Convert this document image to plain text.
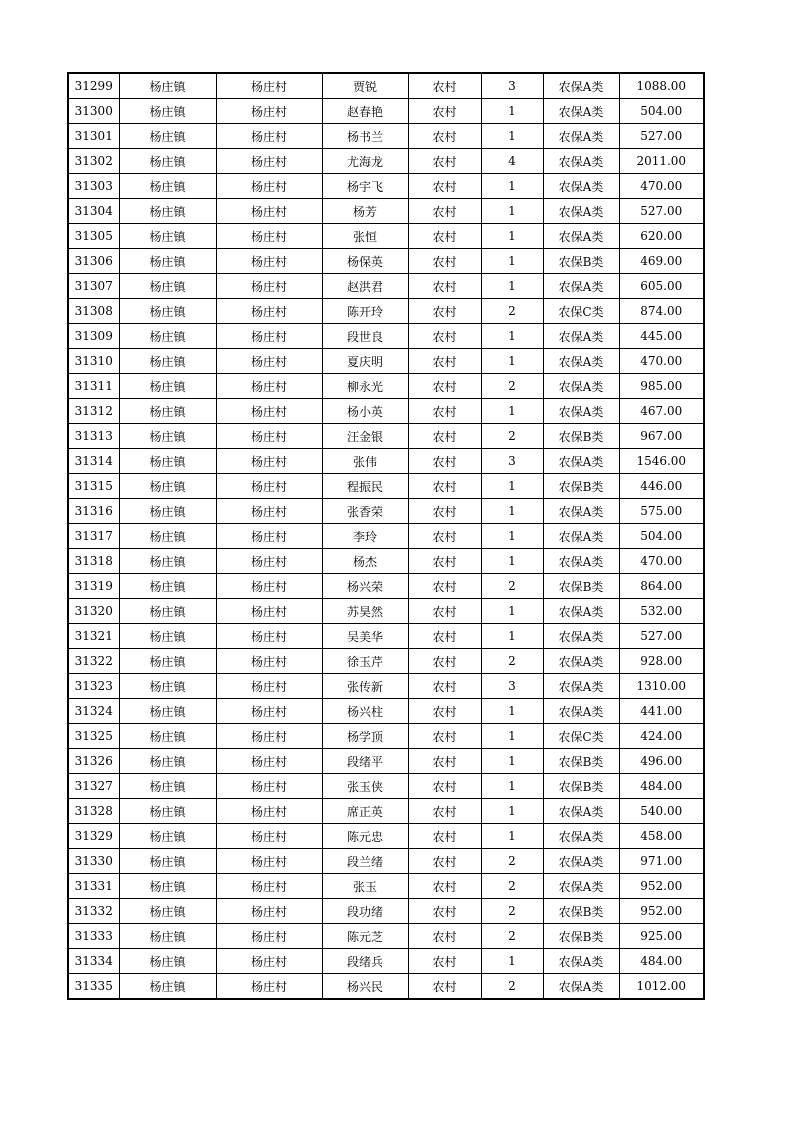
31299	杨庄镇	杨庄村	贾锐	农村	3	农保A类	1088.00
31300	杨庄镇	杨庄村	赵春艳	农村	1	农保A类	504.00
31301	杨庄镇	杨庄村	杨书兰	农村	1	农保A类	527.00
31302	杨庄镇	杨庄村	尤海龙	农村	4	农保A类	2011.00
31303	杨庄镇	杨庄村	杨宇飞	农村	1	农保A类	470.00
31304	杨庄镇	杨庄村	杨芳	农村	1	农保A类	527.00
31305	杨庄镇	杨庄村	张恒	农村	1	农保A类	620.00
31306	杨庄镇	杨庄村	杨保英	农村	1	农保B类	469.00
31307	杨庄镇	杨庄村	赵洪君	农村	1	农保A类	605.00
31308	杨庄镇	杨庄村	陈开玲	农村	2	农保C类	874.00
31309	杨庄镇	杨庄村	段世良	农村	1	农保A类	445.00
31310	杨庄镇	杨庄村	夏庆明	农村	1	农保A类	470.00
31311	杨庄镇	杨庄村	柳永光	农村	2	农保A类	985.00
31312	杨庄镇	杨庄村	杨小英	农村	1	农保A类	467.00
31313	杨庄镇	杨庄村	汪金银	农村	2	农保B类	967.00
31314	杨庄镇	杨庄村	张伟	农村	3	农保A类	1546.00
31315	杨庄镇	杨庄村	程振民	农村	1	农保B类	446.00
31316	杨庄镇	杨庄村	张香荣	农村	1	农保A类	575.00
31317	杨庄镇	杨庄村	李玲	农村	1	农保A类	504.00
31318	杨庄镇	杨庄村	杨杰	农村	1	农保A类	470.00
31319	杨庄镇	杨庄村	杨兴荣	农村	2	农保B类	864.00
31320	杨庄镇	杨庄村	苏昊然	农村	1	农保A类	532.00
31321	杨庄镇	杨庄村	吴美华	农村	1	农保A类	527.00
31322	杨庄镇	杨庄村	徐玉芹	农村	2	农保A类	928.00
31323	杨庄镇	杨庄村	张传新	农村	3	农保A类	1310.00
31324	杨庄镇	杨庄村	杨兴柱	农村	1	农保A类	441.00
31325	杨庄镇	杨庄村	杨学顶	农村	1	农保C类	424.00
31326	杨庄镇	杨庄村	段绪平	农村	1	农保B类	496.00
31327	杨庄镇	杨庄村	张玉侠	农村	1	农保B类	484.00
31328	杨庄镇	杨庄村	席正英	农村	1	农保A类	540.00
31329	杨庄镇	杨庄村	陈元忠	农村	1	农保A类	458.00
31330	杨庄镇	杨庄村	段兰绪	农村	2	农保A类	971.00
31331	杨庄镇	杨庄村	张玉	农村	2	农保A类	952.00
31332	杨庄镇	杨庄村	段功绪	农村	2	农保B类	952.00
31333	杨庄镇	杨庄村	陈元芝	农村	2	农保B类	925.00
31334	杨庄镇	杨庄村	段绪兵	农村	1	农保A类	484.00
31335	杨庄镇	杨庄村	杨兴民	农村	2	农保A类	1012.00
